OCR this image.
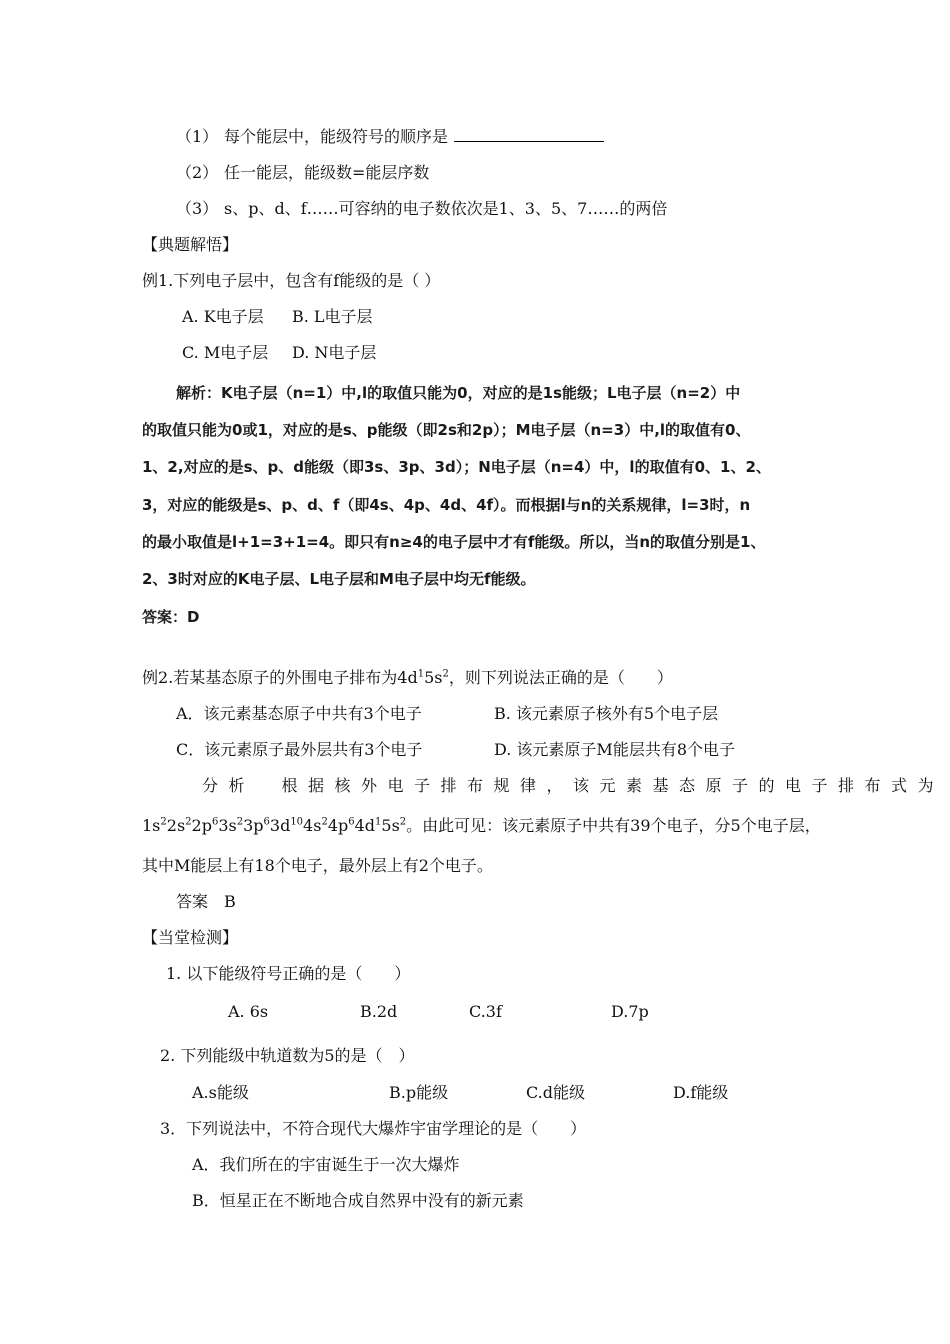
（1） 每个能层中，能级符号的顺序是
（2） 任一能层，能级数=能层序数
（3） s、p、d、f……可容纳的电子数依次是1、3、5、7……的两倍
【典题解悟】
例1.下列电子层中，包含有f能级的是（ ）
A. K电子层 B. L电子层
C. M电子层 D. N电子层
解析：K电子层（n=1）中,l的取值只能为0，对应的是1s能级；L电子层（n=2）中
的取值只能为0或1，对应的是s、p能级（即2s和2p）；M电子层（n=3）中,l的取值有0、
1、2,对应的是s、p、d能级（即3s、3p、3d）；N电子层（n=4）中，l的取值有0、1、2、
3，对应的能级是s、p、d、f（即4s、4p、4d、4f）。而根据l与n的关系规律，l=3时，n
的最小取值是l+1=3+1=4。即只有n≥4的电子层中才有f能级。所以，当n的取值分别是1、
2、3时对应的K电子层、L电子层和M电子层中均无f能级。
答案：D
例2.若某基态原子的外围电子排布为$4d^15s^2$，则下列说法正确的是（　　）
A．该元素基态原子中共有3个电子	B. 该元素原子核外有5个电子层
C．该元素原子最外层共有3个电子	D. 该元素原子M能层共有8个电子
分析　根据核外电子排布规律，该元素基态原子的电子排布式为
$1s^22s^22p^63s^23p^63d^{10}4s^24p^64d^15s^2$。由此可见：该元素原子中共有39个电子，分5个电子层，
其中M能层上有18个电子，最外层上有2个电子。
答案　B
【当堂检测】
1. 以下能级符号正确的是（　　）
A. 6s	B.2d	C.3f	D.7p
2. 下列能级中轨道数为5的是（　）
A.s能级	B.p能级	C.d能级	D.f能级
3．下列说法中，不符合现代大爆炸宇宙学理论的是（　　）
A．我们所在的宇宙诞生于一次大爆炸
B．恒星正在不断地合成自然界中没有的新元素
